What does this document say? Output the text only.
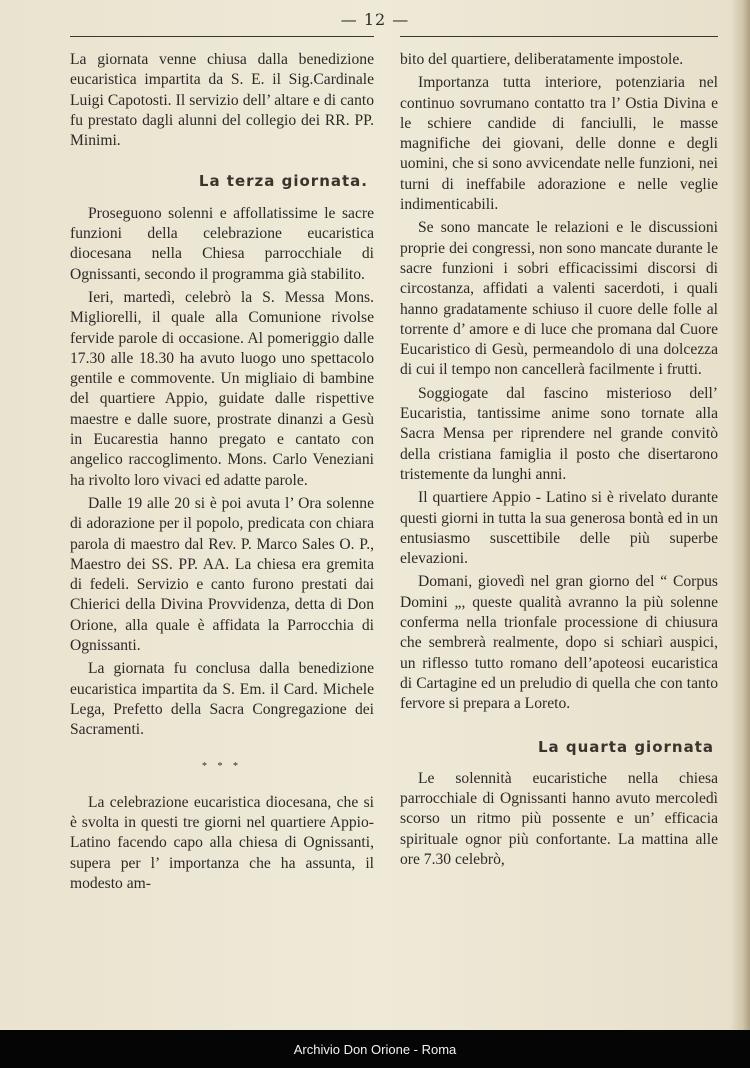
— 12 —

La giornata venne chiusa dalla benedizione eucaristica impartita da S. E. il Sig.Cardinale Luigi Capotosti. Il servizio dell’ altare e di canto fu prestato dagli alunni del collegio dei RR. PP. Minimi.

La terza giornata.

Proseguono solenni e affollatissime le sacre funzioni della celebrazione eucaristica diocesana nella Chiesa parrocchiale di Ognissanti, secondo il programma già stabilito.

Ieri, martedì, celebrò la S. Messa Mons. Migliorelli, il quale alla Comunione rivolse fervide parole di occasione. Al pomeriggio dalle 17.30 alle 18.30 ha avuto luogo uno spettacolo gentile e commovente. Un migliaio di bambine del quartiere Appio, guidate dalle rispettive maestre e dalle suore, prostrate dinanzi a Gesù in Eucarestia hanno pregato e cantato con angelico raccoglimento. Mons. Carlo Veneziani ha rivolto loro vivaci ed adatte parole.

Dalle 19 alle 20 si è poi avuta l’ Ora solenne di adorazione per il popolo, predicata con chiara parola di maestro dal Rev. P. Marco Sales O. P., Maestro dei SS. PP. AA. La chiesa era gremita di fedeli. Servizio e canto furono prestati dai Chierici della Divina Provvidenza, detta di Don Orione, alla quale è affidata la Parrocchia di Ognissanti.

La giornata fu conclusa dalla benedizione eucaristica impartita da S. Em. il Card. Michele Lega, Prefetto della Sacra Congregazione dei Sacramenti.

* * *

La celebrazione eucaristica diocesana, che si è svolta in questi tre giorni nel quartiere Appio-Latino facendo capo alla chiesa di Ognissanti, supera per l’ importanza che ha assunta, il modesto am-

bito del quartiere, deliberatamente impostole.

Importanza tutta interiore, potenziaria nel continuo sovrumano contatto tra l’ Ostia Divina e le schiere candide di fanciulli, le masse magnifiche dei giovani, delle donne e degli uomini, che si sono avvicendate nelle funzioni, nei turni di ineffabile adorazione e nelle veglie indimenticabili.

Se sono mancate le relazioni e le discussioni proprie dei congressi, non sono mancate durante le sacre funzioni i sobri efficacissimi discorsi di circostanza, affidati a valenti sacerdoti, i quali hanno gradatamente schiuso il cuore delle folle al torrente d’ amore e di luce che promana dal Cuore Eucaristico di Gesù, permeandolo di una dolcezza di cui il tempo non cancellerà facilmente i frutti.

Soggiogate dal fascino misterioso dell’ Eucaristia, tantissime anime sono tornate alla Sacra Mensa per riprendere nel grande convitò della cristiana famiglia il posto che disertarono tristemente da lunghi anni.

Il quartiere Appio - Latino si è rivelato durante questi giorni in tutta la sua generosa bontà ed in un entusiasmo suscettibile delle più superbe elevazioni.

Domani, giovedì nel gran giorno del “ Corpus Domini „, queste qualità avranno la più solenne conferma nella trionfale processione di chiusura che sembrerà realmente, dopo si schiarì auspici, un riflesso tutto romano dell’apoteosi eucaristica di Cartagine ed un preludio di quella che con tanto fervore si prepara a Loreto.

La quarta giornata

Le solennità eucaristiche nella chiesa parrocchiale di Ognissanti hanno avuto mercoledì scorso un ritmo più possente e un’ efficacia spirituale ognor più confortante. La mattina alle ore 7.30 celebrò,

Archivio Don Orione - Roma
